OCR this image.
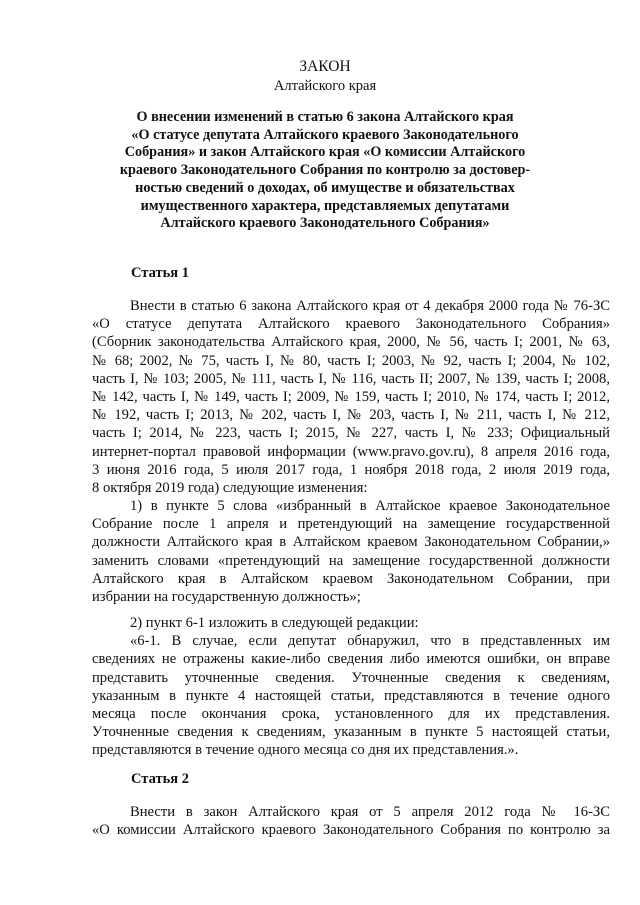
ЗАКОН
Алтайского края
О внесении изменений в статью 6 закона Алтайского края
«О статусе депутата Алтайского краевого Законодательного
Собрания» и закон Алтайского края «О комиссии Алтайского
краевого Законодательного Собрания по контролю за достовер-
ностью сведений о доходах, об имуществе и обязательствах
имущественного характера, представляемых депутатами
Алтайского краевого Законодательного Собрания»
Статья 1
Внести в статью 6 закона Алтайского края от 4 декабря 2000 года № 76-ЗС
«О статусе депутата Алтайского краевого Законодательного Собрания»
(Сборник законодательства Алтайского края, 2000, № 56, часть I; 2001, № 63,
№ 68; 2002, № 75, часть I, № 80, часть I; 2003, № 92, часть I; 2004, № 102,
часть I, № 103; 2005, № 111, часть I, № 116, часть II; 2007, № 139, часть I; 2008,
№ 142, часть I, № 149, часть I; 2009, № 159, часть I; 2010, № 174, часть I; 2012,
№ 192, часть I; 2013, № 202, часть I, № 203, часть I, № 211, часть I, № 212,
часть I; 2014, № 223, часть I; 2015, № 227, часть I, № 233; Официальный
интернет-портал правовой информации (www.pravo.gov.ru), 8 апреля 2016 года,
3 июня 2016 года, 5 июля 2017 года, 1 ноября 2018 года, 2 июля 2019 года,
8 октября 2019 года) следующие изменения:
1) в пункте 5 слова «избранный в Алтайское краевое Законодательное
Собрание после 1 апреля и претендующий на замещение государственной
должности Алтайского края в Алтайском краевом Законодательном Собрании,»
заменить словами «претендующий на замещение государственной должности
Алтайского края в Алтайском краевом Законодательном Собрании, при
избрании на государственную должность»;
2) пункт 6-1 изложить в следующей редакции:
«6-1. В случае, если депутат обнаружил, что в представленных им
сведениях не отражены какие-либо сведения либо имеются ошибки, он вправе
представить уточненные сведения. Уточненные сведения к сведениям,
указанным в пункте 4 настоящей статьи, представляются в течение одного
месяца после окончания срока, установленного для их представления.
Уточненные сведения к сведениям, указанным в пункте 5 настоящей статьи,
представляются в течение одного месяца со дня их представления.».
Статья 2
Внести в закон Алтайского края от 5 апреля 2012 года № 16-ЗС
«О комиссии Алтайского краевого Законодательного Собрания по контролю за
